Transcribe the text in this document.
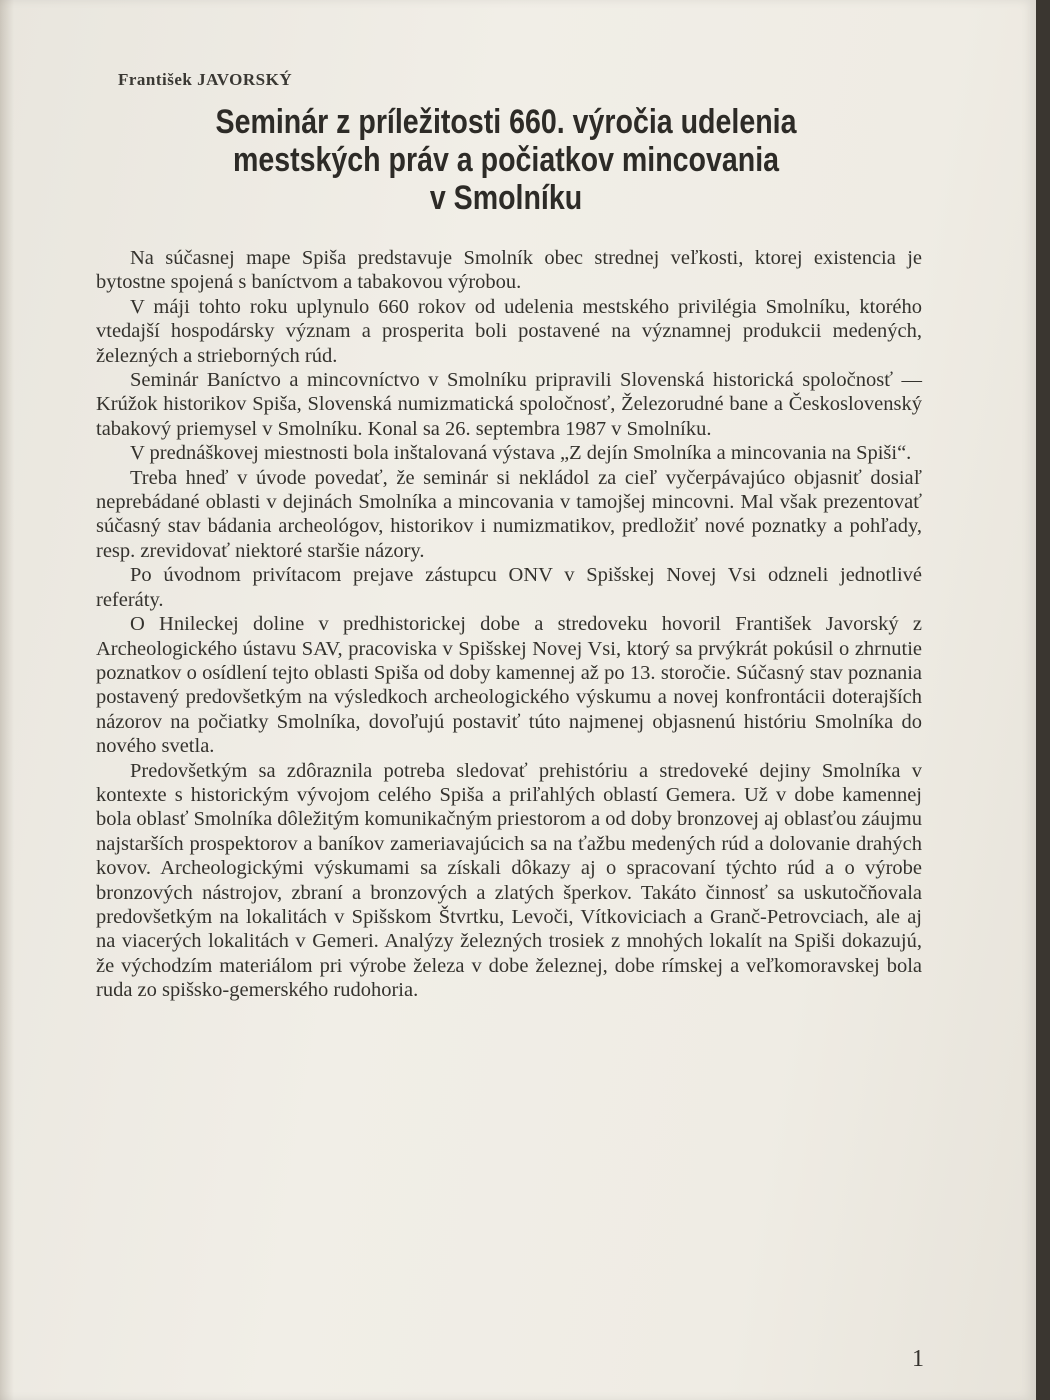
František JAVORSKÝ
Seminár z príležitosti 660. výročia udelenia
mestských práv a počiatkov mincovania
v Smolníku

Na súčasnej mape Spiša predstavuje Smolník obec strednej veľkosti, ktorej existencia je bytostne spojená s baníctvom a tabakovou výrobou.

V máji tohto roku uplynulo 660 rokov od udelenia mestského privilégia Smolníku, ktorého vtedajší hospodársky význam a prosperita boli postavené na významnej produkcii medených, železných a strieborných rúd.

Seminár Baníctvo a mincovníctvo v Smolníku pripravili Slovenská historická spoločnosť — Krúžok historikov Spiša, Slovenská numizmatická spoločnosť, Železorudné bane a Československý tabakový priemysel v Smolníku. Konal sa 26. septembra 1987 v Smolníku.

V prednáškovej miestnosti bola inštalovaná výstava „Z dejín Smolníka a mincovania na Spiši“.

Treba hneď v úvode povedať, že seminár si nekládol za cieľ vyčerpávajúco objasniť dosiaľ neprebádané oblasti v dejinách Smolníka a mincovania v tamojšej mincovni. Mal však prezentovať súčasný stav bádania archeológov, historikov i numizmatikov, predložiť nové poznatky a pohľady, resp. zrevidovať niektoré staršie názory.

Po úvodnom privítacom prejave zástupcu ONV v Spišskej Novej Vsi odzneli jednotlivé referáty.

O Hnileckej doline v predhistorickej dobe a stredoveku hovoril František Javorský z Archeologického ústavu SAV, pracoviska v Spišskej Novej Vsi, ktorý sa prvýkrát pokúsil o zhrnutie poznatkov o osídlení tejto oblasti Spiša od doby kamennej až po 13. storočie. Súčasný stav poznania postavený predovšetkým na výsledkoch archeologického výskumu a novej konfrontácii doterajších názorov na počiatky Smolníka, dovoľujú postaviť túto najmenej objasnenú históriu Smolníka do nového svetla.

Predovšetkým sa zdôraznila potreba sledovať prehistóriu a stredoveké dejiny Smolníka v kontexte s historickým vývojom celého Spiša a priľahlých oblastí Gemera. Už v dobe kamennej bola oblasť Smolníka dôležitým komunikačným priestorom a od doby bronzovej aj oblasťou záujmu najstarších prospektorov a baníkov zameriavajúcich sa na ťažbu medených rúd a dolovanie drahých kovov. Archeologickými výskumami sa získali dôkazy aj o spracovaní týchto rúd a o výrobe bronzových nástrojov, zbraní a bronzových a zlatých šperkov. Takáto činnosť sa uskutočňovala predovšetkým na lokalitách v Spišskom Štvrtku, Levoči, Vítkoviciach a Granč-Petrovciach, ale aj na viacerých lokalitách v Gemeri. Analýzy železných trosiek z mnohých lokalít na Spiši dokazujú, že východzím materiálom pri výrobe železa v dobe železnej, dobe rímskej a veľkomoravskej bola ruda zo spišsko-gemerského rudohoria.

1
